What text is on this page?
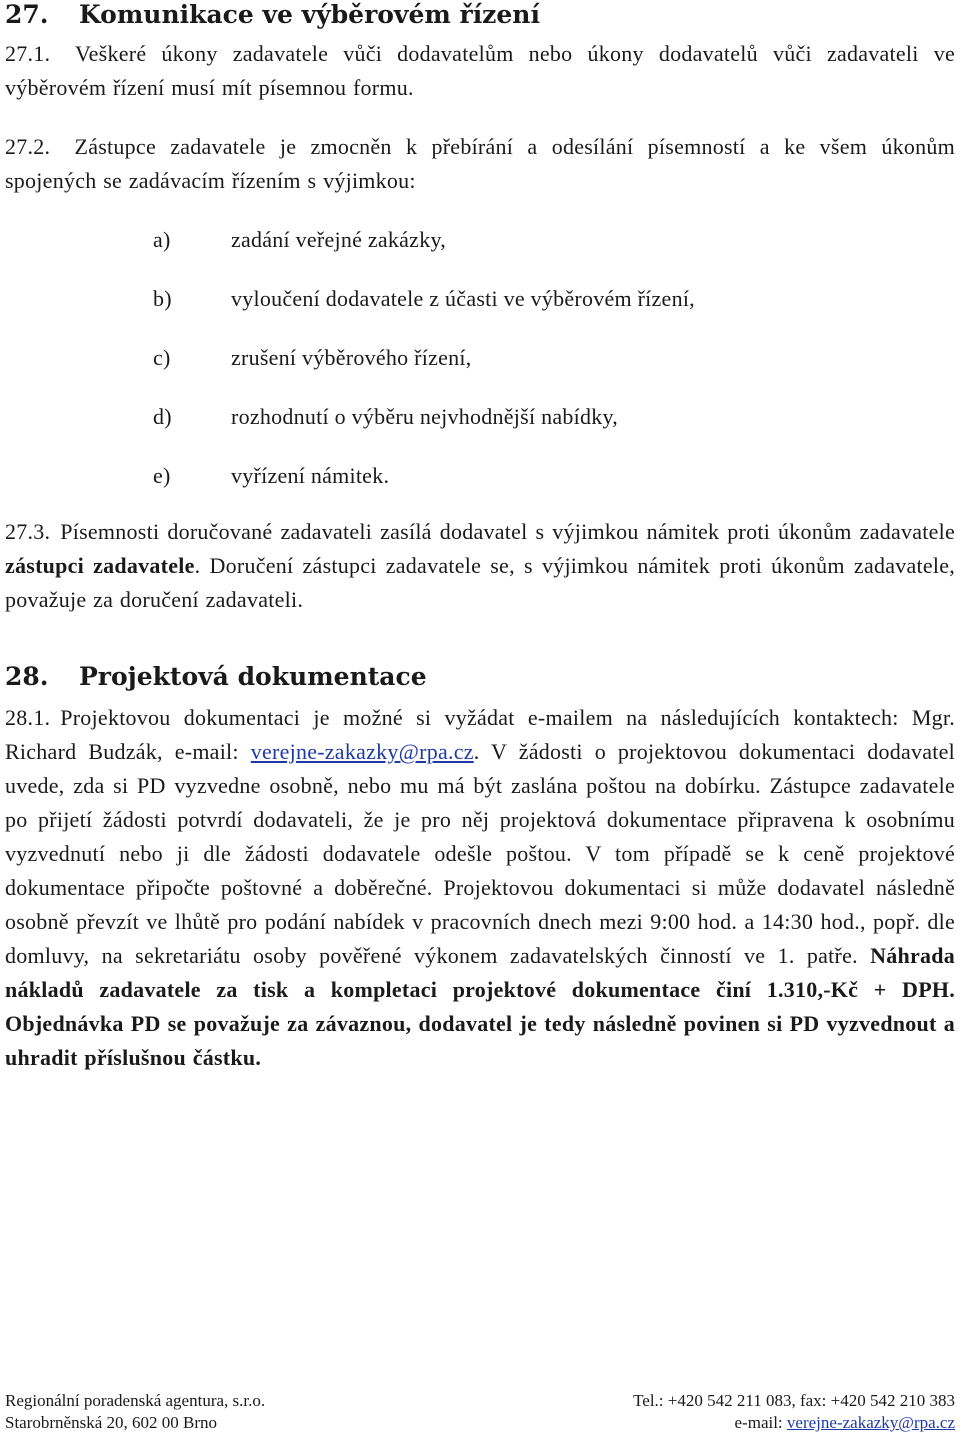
27.	Komunikace ve výběrovém řízení

27.1. Veškeré úkony zadavatele vůči dodavatelům nebo úkony dodavatelů vůči zadavateli ve výběrovém řízení musí mít písemnou formu.

27.2. Zástupce zadavatele je zmocněn k přebírání a odesílání písemností a ke všem úkonům spojených se zadávacím řízením s výjimkou:

a)	zadání veřejné zakázky,
b)	vyloučení dodavatele z účasti ve výběrovém řízení,
c)	zrušení výběrového řízení,
d)	rozhodnutí o výběru nejvhodnější nabídky,
e)	vyřízení námitek.

27.3. Písemnosti doručované zadavateli zasílá dodavatel s výjimkou námitek proti úkonům zadavatele zástupci zadavatele. Doručení zástupci zadavatele se, s výjimkou námitek proti úkonům zadavatele, považuje za doručení zadavateli.

28.	Projektová dokumentace

28.1. Projektovou dokumentaci je možné si vyžádat e-mailem na následujících kontaktech: Mgr. Richard Budzák, e-mail: verejne-zakazky@rpa.cz. V žádosti o projektovou dokumentaci dodavatel uvede, zda si PD vyzvedne osobně, nebo mu má být zaslána poštou na dobírku. Zástupce zadavatele po přijetí žádosti potvrdí dodavateli, že je pro něj projektová dokumentace připravena k osobnímu vyzvednutí nebo ji dle žádosti dodavatele odešle poštou. V tom případě se k ceně projektové dokumentace připočte poštovné a doběrečné. Projektovou dokumentaci si může dodavatel následně osobně převzít ve lhůtě pro podání nabídek v pracovních dnech mezi 9:00 hod. a 14:30 hod., popř. dle domluvy, na sekretariátu osoby pověřené výkonem zadavatelských činností ve 1. patře. Náhrada nákladů zadavatele za tisk a kompletaci projektové dokumentace činí 1.310,-Kč + DPH. Objednávka PD se považuje za závaznou, dodavatel je tedy následně povinen si PD vyzvednout a uhradit příslušnou částku.

Regionální poradenská agentura, s.r.o.	Tel.: +420 542 211 083, fax: +420 542 210 383
Starobrněnská 20, 602 00 Brno	e-mail: verejne-zakazky@rpa.cz
